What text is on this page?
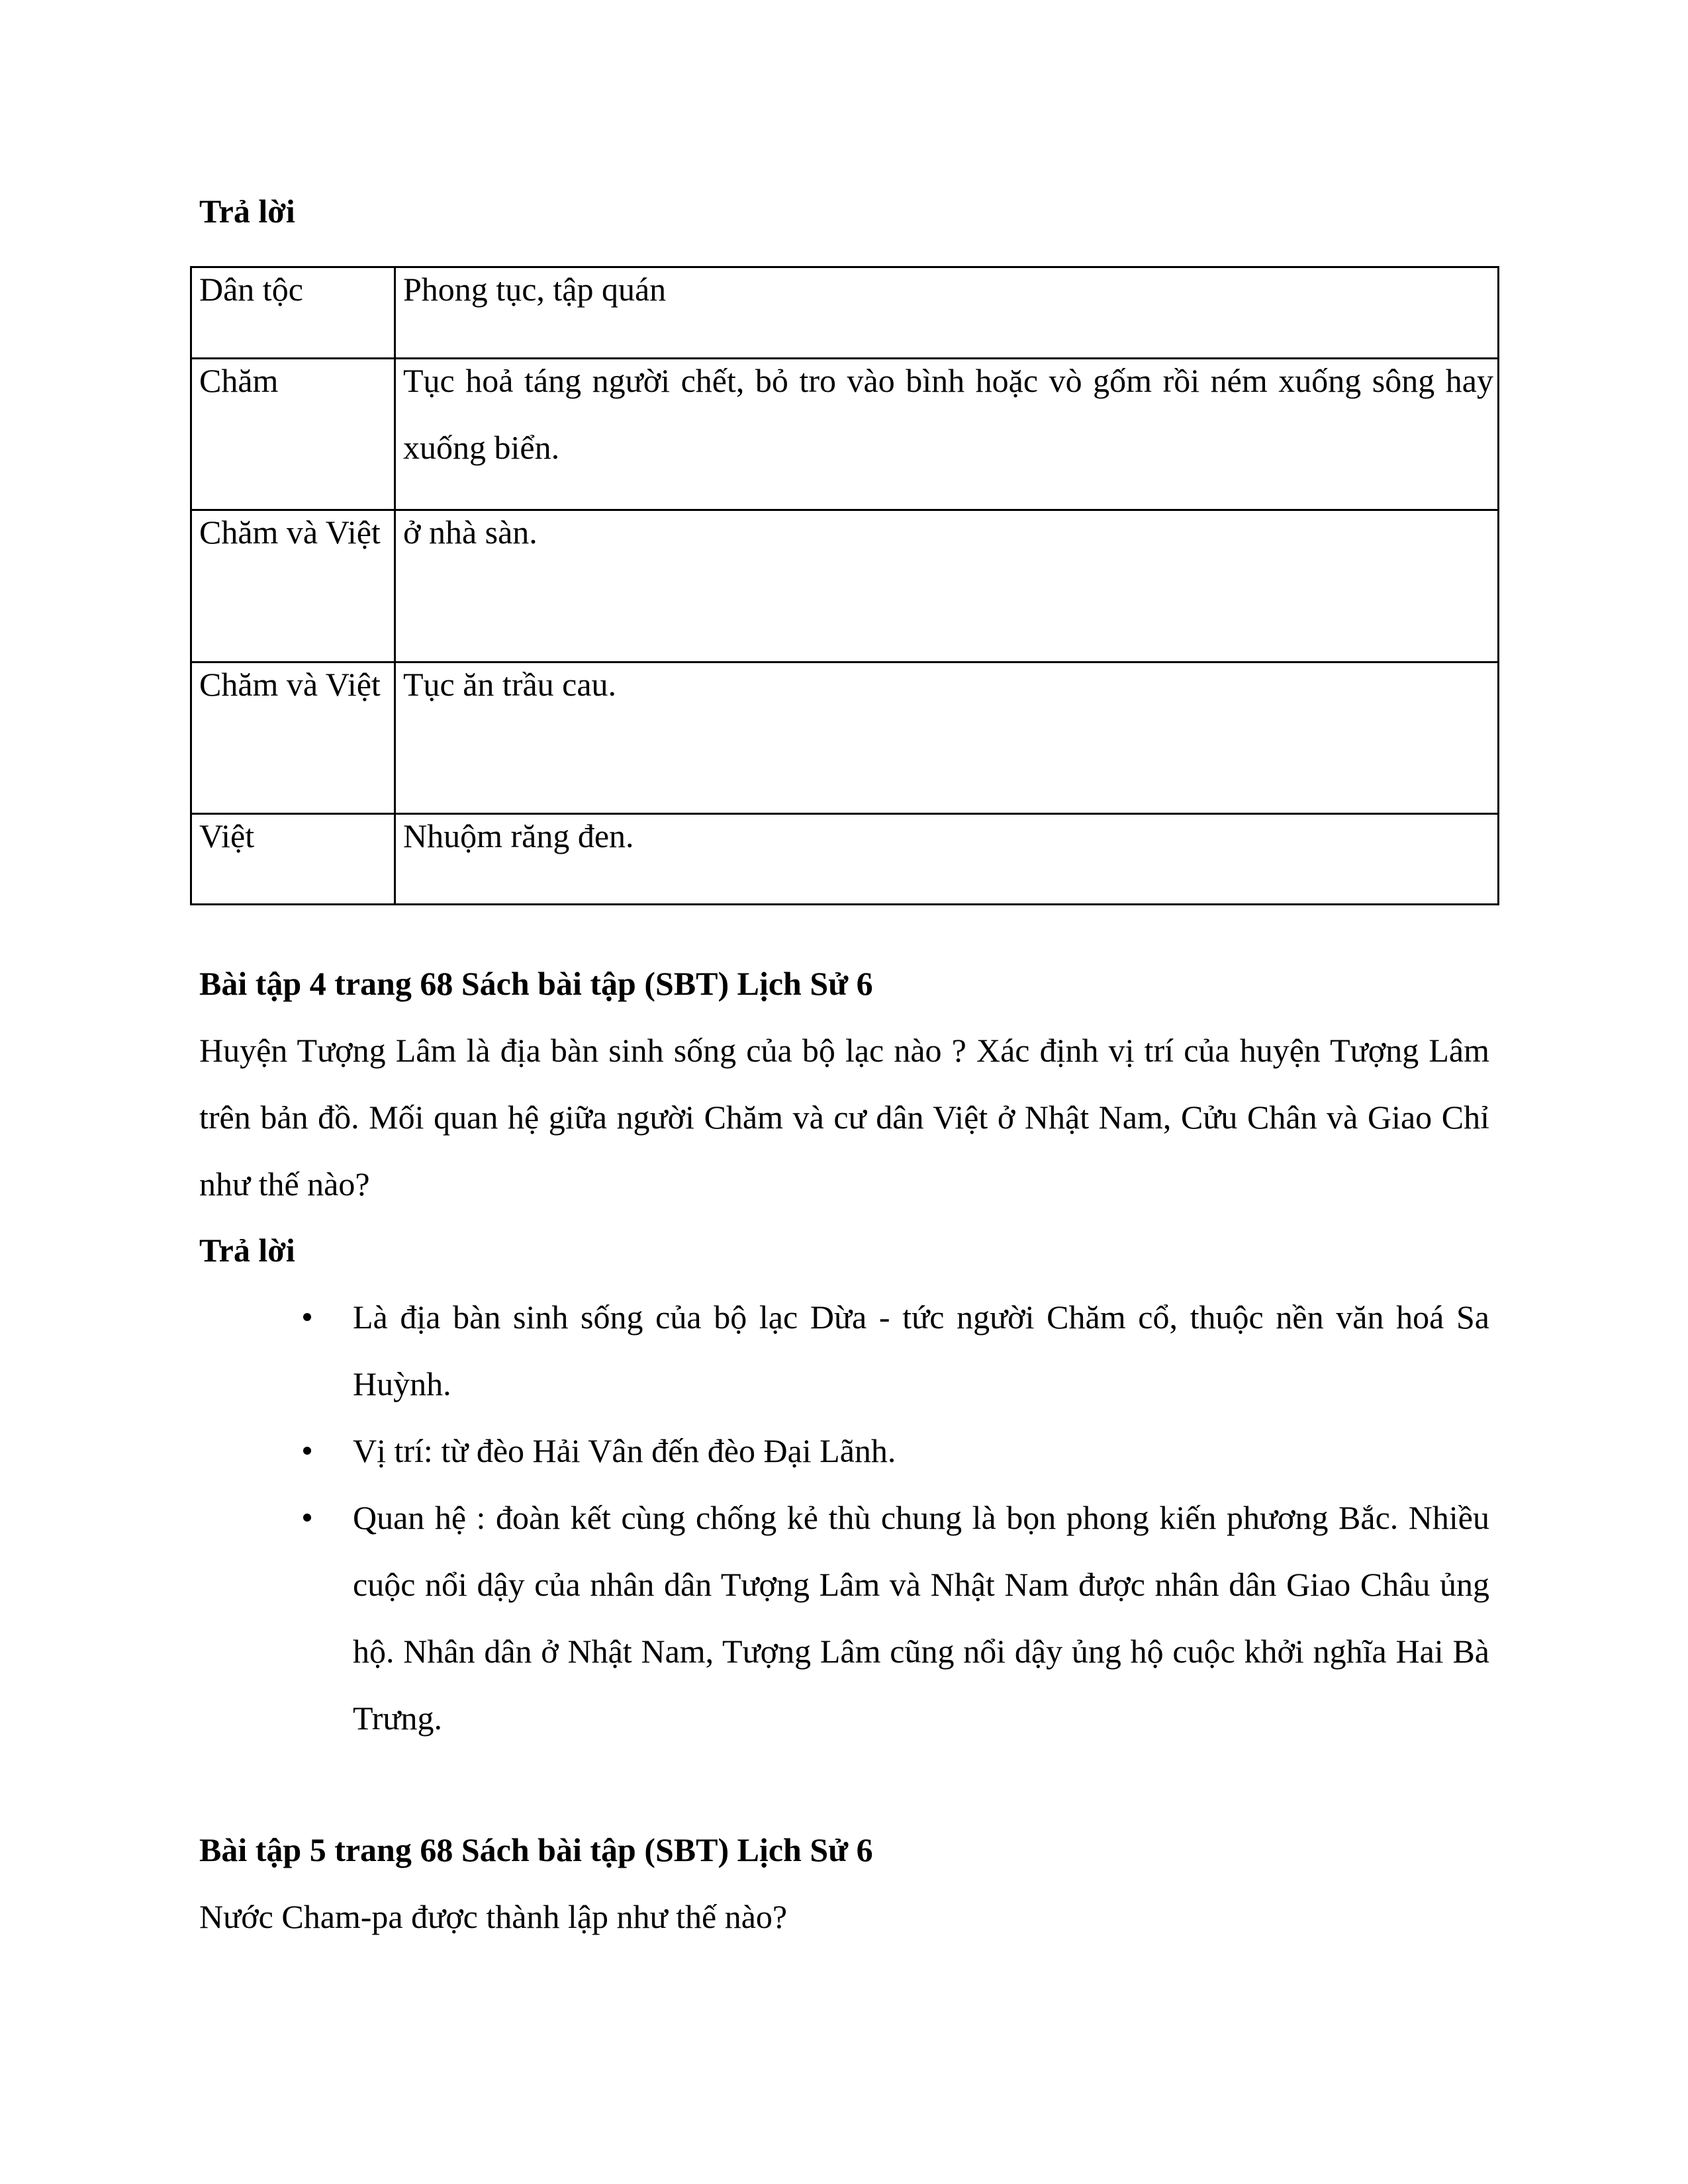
Trả lời
Dân tộc	Phong tục, tập quán

Chăm	Tục hoả táng người chết, bỏ tro vào bình hoặc vò gốm rồi ném xuống sông hay xuống biển.

Chăm và Việt	ở nhà sàn.

Chăm và Việt	Tục ăn trầu cau.

Việt	Nhuộm răng đen.
Bài tập 4 trang 68 Sách bài tập (SBT) Lịch Sử 6
Huyện Tượng Lâm là địa bàn sinh sống của bộ lạc nào ? Xác định vị trí của huyện Tượng Lâm trên bản đồ. Mối quan hệ giữa người Chăm và cư dân Việt ở Nhật Nam, Cửu Chân và Giao Chỉ như thế nào?
Trả lời
Là địa bàn sinh sống của bộ lạc Dừa - tức người Chăm cổ, thuộc nền văn hoá Sa Huỳnh.
Vị trí: từ đèo Hải Vân đến đèo Đại Lãnh.
Quan hệ : đoàn kết cùng chống kẻ thù chung là bọn phong kiến phương Bắc. Nhiều cuộc nổi dậy của nhân dân Tượng Lâm và Nhật Nam được nhân dân Giao Châu ủng hộ. Nhân dân ở Nhật Nam, Tượng Lâm cũng nổi dậy ủng hộ cuộc khởi nghĩa Hai Bà Trưng.
Bài tập 5 trang 68 Sách bài tập (SBT) Lịch Sử 6
Nước Cham-pa được thành lập như thế nào?
